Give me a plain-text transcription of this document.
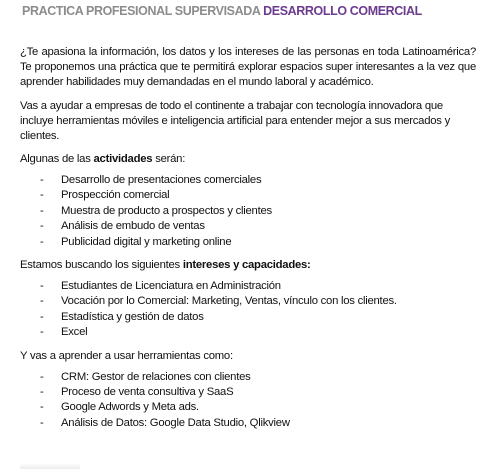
PRACTICA PROFESIONAL SUPERVISADA DESARROLLO COMERCIAL

¿Te apasiona la información, los datos y los intereses de las personas en toda Latinoamérica? Te proponemos una práctica que te permitirá explorar espacios super interesantes a la vez que aprender habilidades muy demandadas en el mundo laboral y académico.

Vas a ayudar a empresas de todo el continente a trabajar con tecnología innovadora que incluye herramientas móviles e inteligencia artificial para entender mejor a sus mercados y clientes.

Algunas de las actividades serán:

- Desarrollo de presentaciones comerciales
- Prospección comercial
- Muestra de producto a prospectos y clientes
- Análisis de embudo de ventas
- Publicidad digital y marketing online

Estamos buscando los siguientes intereses y capacidades:

- Estudiantes de Licenciatura en Administración
- Vocación por lo Comercial: Marketing, Ventas, vínculo con los clientes.
- Estadística y gestión de datos
- Excel

Y vas a aprender a usar herramientas como:

- CRM: Gestor de relaciones con clientes
- Proceso de venta consultiva y SaaS
- Google Adwords y Meta ads.
- Análisis de Datos: Google Data Studio, Qlikview
